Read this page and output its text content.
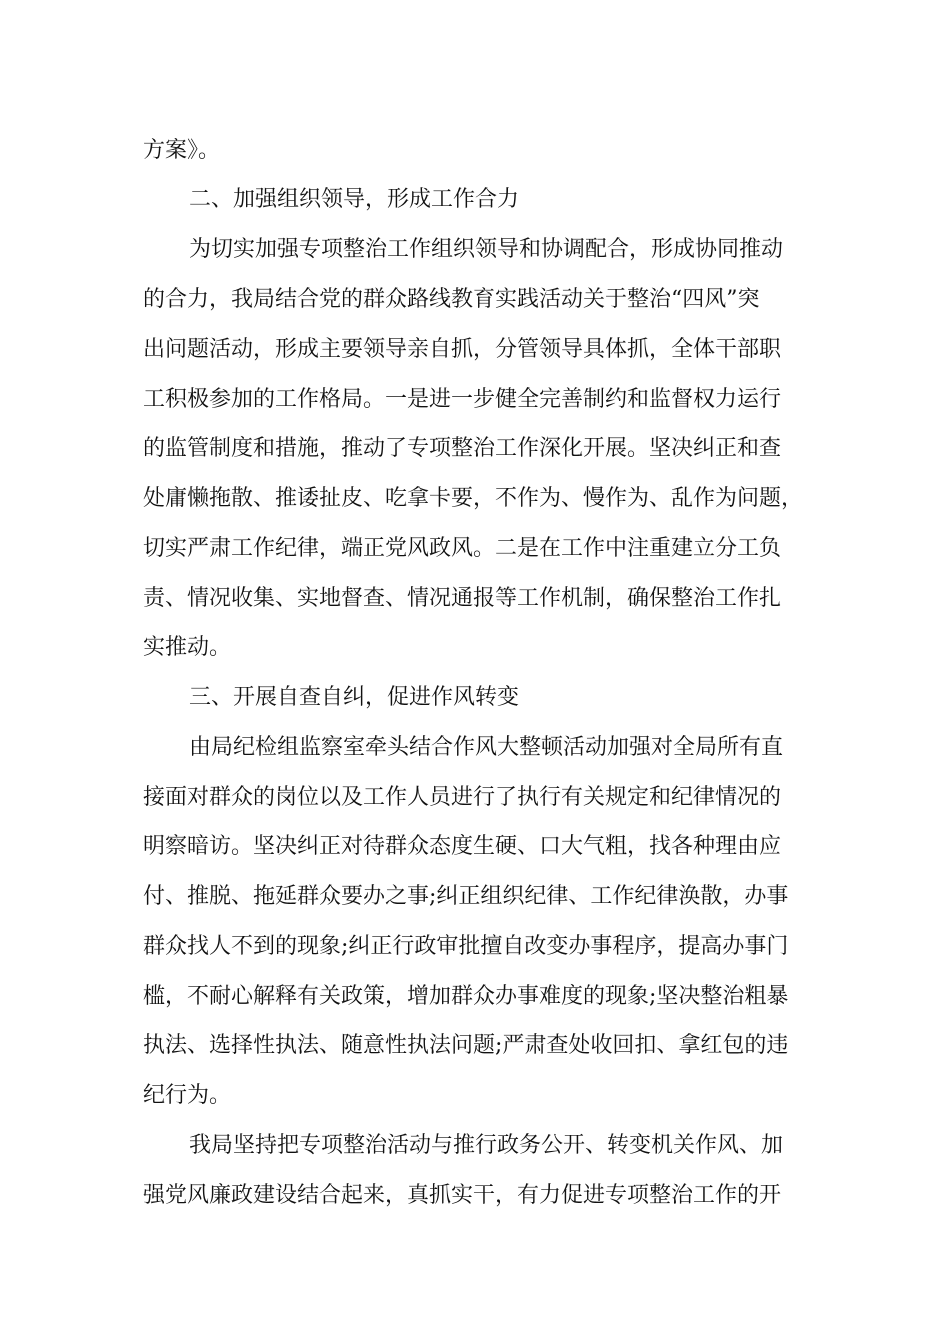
方案》。

二、加强组织领导，形成工作合力

为切实加强专项整治工作组织领导和协调配合，形成协同推动

的合力，我局结合党的群众路线教育实践活动关于整治“四风”突

出问题活动，形成主要领导亲自抓，分管领导具体抓，全体干部职

工积极参加的工作格局。一是进一步健全完善制约和监督权力运行

的监管制度和措施，推动了专项整治工作深化开展。坚决纠正和查

处庸懒拖散、推诿扯皮、吃拿卡要，不作为、慢作为、乱作为问题，

切实严肃工作纪律，端正党风政风。二是在工作中注重建立分工负

责、情况收集、实地督查、情况通报等工作机制，确保整治工作扎

实推动。

三、开展自查自纠，促进作风转变

由局纪检组监察室牵头结合作风大整顿活动加强对全局所有直

接面对群众的岗位以及工作人员进行了执行有关规定和纪律情况的

明察暗访。坚决纠正对待群众态度生硬、口大气粗，找各种理由应

付、推脱、拖延群众要办之事;纠正组织纪律、工作纪律涣散，办事

群众找人不到的现象;纠正行政审批擅自改变办事程序，提高办事门

槛，不耐心解释有关政策，增加群众办事难度的现象;坚决整治粗暴

执法、选择性执法、随意性执法问题;严肃查处收回扣、拿红包的违

纪行为。

我局坚持把专项整治活动与推行政务公开、转变机关作风、加

强党风廉政建设结合起来，真抓实干，有力促进专项整治工作的开
